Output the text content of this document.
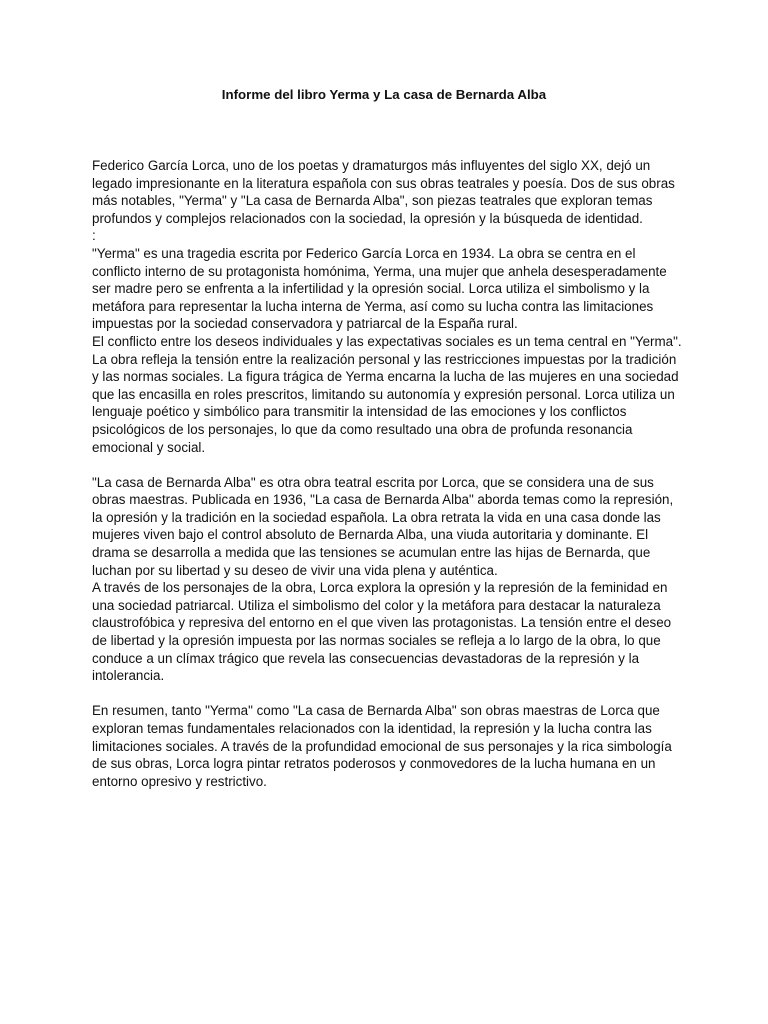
Informe del libro Yerma y La casa de Bernarda Alba

Federico García Lorca, uno de los poetas y dramaturgos más influyentes del siglo XX, dejó un legado impresionante en la literatura española con sus obras teatrales y poesía. Dos de sus obras más notables, "Yerma" y "La casa de Bernarda Alba", son piezas teatrales que exploran temas profundos y complejos relacionados con la sociedad, la opresión y la búsqueda de identidad.

:

"Yerma" es una tragedia escrita por Federico García Lorca en 1934. La obra se centra en el conflicto interno de su protagonista homónima, Yerma, una mujer que anhela desesperadamente ser madre pero se enfrenta a la infertilidad y la opresión social. Lorca utiliza el simbolismo y la metáfora para representar la lucha interna de Yerma, así como su lucha contra las limitaciones impuestas por la sociedad conservadora y patriarcal de la España rural.

El conflicto entre los deseos individuales y las expectativas sociales es un tema central en "Yerma". La obra refleja la tensión entre la realización personal y las restricciones impuestas por la tradición y las normas sociales. La figura trágica de Yerma encarna la lucha de las mujeres en una sociedad que las encasilla en roles prescritos, limitando su autonomía y expresión personal. Lorca utiliza un lenguaje poético y simbólico para transmitir la intensidad de las emociones y los conflictos psicológicos de los personajes, lo que da como resultado una obra de profunda resonancia emocional y social.

"La casa de Bernarda Alba" es otra obra teatral escrita por Lorca, que se considera una de sus obras maestras. Publicada en 1936, "La casa de Bernarda Alba" aborda temas como la represión, la opresión y la tradición en la sociedad española. La obra retrata la vida en una casa donde las mujeres viven bajo el control absoluto de Bernarda Alba, una viuda autoritaria y dominante. El drama se desarrolla a medida que las tensiones se acumulan entre las hijas de Bernarda, que luchan por su libertad y su deseo de vivir una vida plena y auténtica.

A través de los personajes de la obra, Lorca explora la opresión y la represión de la feminidad en una sociedad patriarcal. Utiliza el simbolismo del color y la metáfora para destacar la naturaleza claustrofóbica y represiva del entorno en el que viven las protagonistas. La tensión entre el deseo de libertad y la opresión impuesta por las normas sociales se refleja a lo largo de la obra, lo que conduce a un clímax trágico que revela las consecuencias devastadoras de la represión y la intolerancia.

En resumen, tanto "Yerma" como "La casa de Bernarda Alba" son obras maestras de Lorca que exploran temas fundamentales relacionados con la identidad, la represión y la lucha contra las limitaciones sociales. A través de la profundidad emocional de sus personajes y la rica simbología de sus obras, Lorca logra pintar retratos poderosos y conmovedores de la lucha humana en un entorno opresivo y restrictivo.
